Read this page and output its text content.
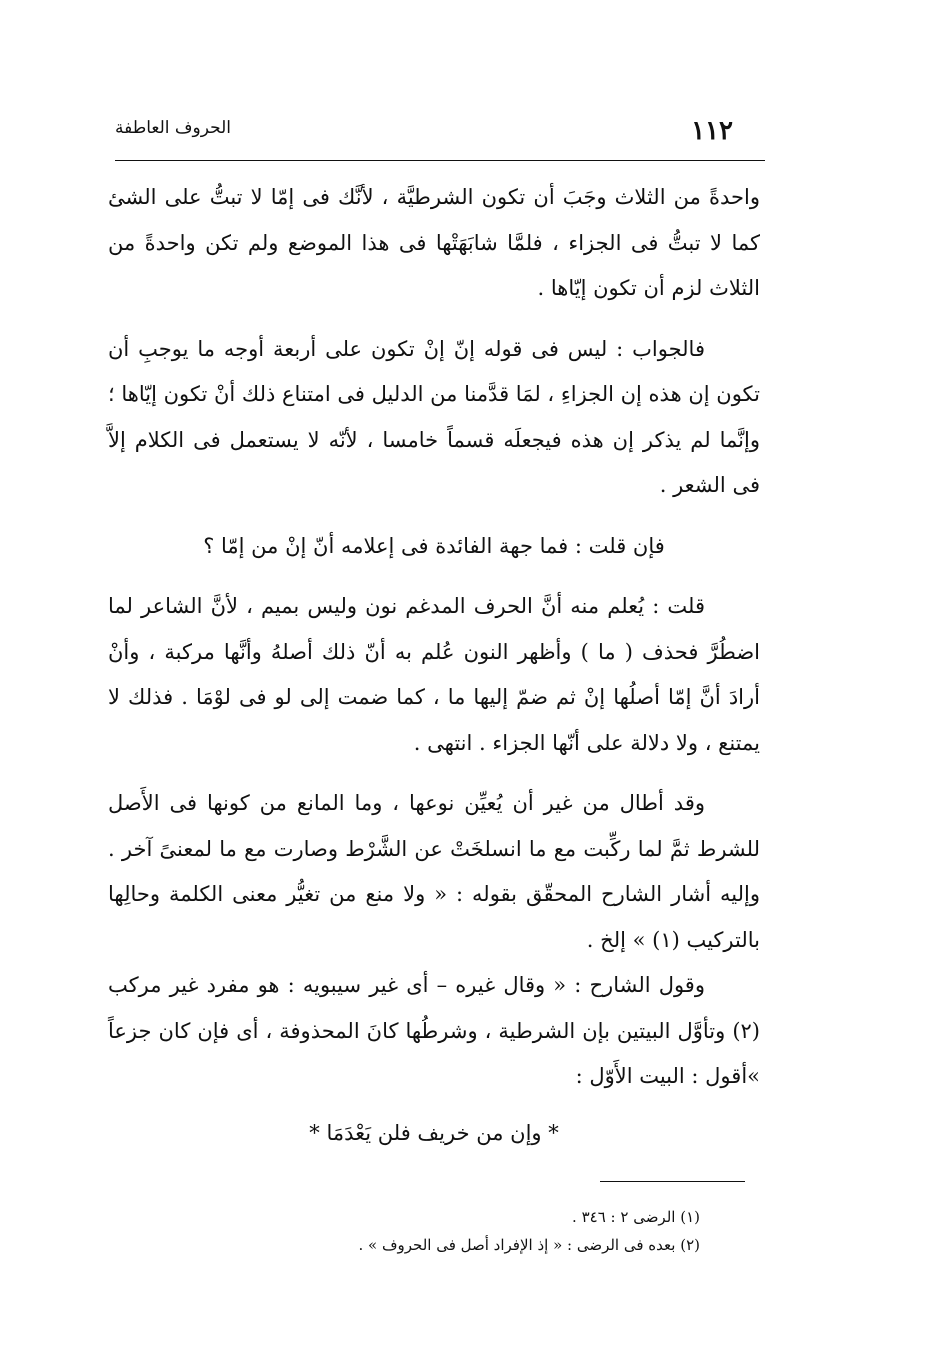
١١٢
الحروف العاطفة

واحدةً من الثلاث وجَبَ أن تكون الشرطيَّة ، لأنَّك فى إمّا لا تبتُّ على الشئ كما لا تبتُّ فى الجزاء ، فلمَّا شابَهَتْها فى هذا الموضع ولم تكن واحدةً من الثلاث لزم أن تكون إيّاها .

فالجواب : ليس فى قوله إنّ إنْ تكون على أربعة أوجه ما يوجبِ أن تكون إن هذه إن الجزاءِ ، لمَا قدَّمنا من الدليل فى امتناع ذلك أنْ تكون إيّاها ؛ وإنَّما لم يذكر إن هذه فيجعلَه قسماً خامسا ، لأنّه لا يستعمل فى الكلام إلاَّ فى الشعر .

فإن قلت : فما جهة الفائدة فى إعلامه أنّ إنْ من إمّا ؟

قلت : يُعلم منه أنَّ الحرف المدغم نون وليس بميم ، لأنَّ الشاعر لما اضطُرَّ فحذف ( ما ) وأظهر النون عُلم به أنّ ذلك أصلهُ وأنَّها مركبة ، وأنْ أرادَ أنَّ إمّا أصلُها إنْ ثم ضمّ إليها ما ، كما ضمت إلى لو فى لوْمَا . فذلك لا يمتنع ، ولا دلالة على أنّها الجزاء . انتهى .

وقد أطال من غير أن يُعيِّن نوعها ، وما المانع من كونها فى الأَصل للشرط ثمَّ لما ركِّبت مع ما انسلخَتْ عن الشَّرْط وصارت مع ما لمعنىً آخر . وإليه أشار الشارح المحقّق بقوله : « ولا منع من تغيُّر معنى الكلمة وحالِها بالتركيب (١) » إلخ .

وقول الشارح : « وقال غيره – أى غير سيبويه : هو مفرد غير مركب (٢) وتأوَّل البيتين بإن الشرطية ، وشرطُها كانَ المحذوفة ، أى فإن كان جزعاً »أقول : البيت الأَوّل :

* وإن من خريف فلن يَعْدَمَا *

(١) الرضى ٢ : ٣٤٦ .

(٢) بعده فى الرضى : « إذ الإفراد أصل فى الحروف » .
